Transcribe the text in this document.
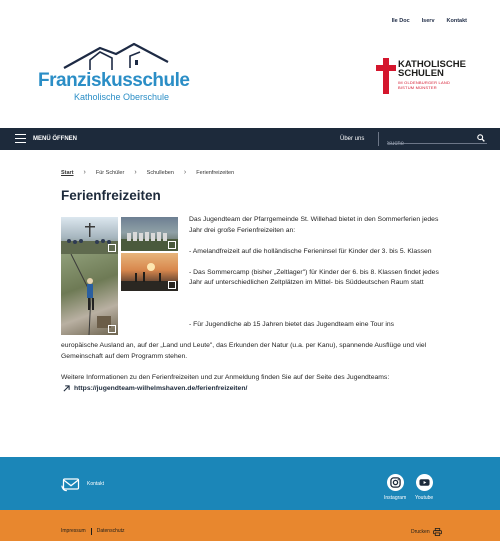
Ile Doc Iserv Kontakt
Franziskusschule
Katholische Oberschule
KATHOLISCHE
SCHULEN
IM OLDENBURGER LAND
BISTUM MÜNSTER
MENÜ ÖFFNEN	Über uns
Suche
Start › Für Schüler › Schulleben › Ferienfreizeiten
Ferienfreizeiten

Das Jugendteam der Pfarrgemeinde St. Willehad bietet in den Sommerferien jedes Jahr drei große Ferienfreizeiten an:

- Amelandfreizeit auf die holländische Ferieninsel für Kinder der 3. bis 5. Klassen

- Das Sommercamp (bisher „Zeltlager") für Kinder der 6. bis 8. Klassen findet jedes Jahr auf unterschiedlichen Zeltplätzen im Mittel- bis Süddeutschen Raum statt

- Für Jugendliche ab 15 Jahren bietet das Jugendteam eine Tour ins

europäische Ausland an, auf der „Land und Leute", das Erkunden der Natur (u.a. per Kanu), spannende Ausflüge und viel Gemeinschaft auf dem Programm stehen.

Weitere Informationen zu den Ferienfreizeiten und zur Anmeldung finden Sie auf der Seite des Jugendteams:

https://jugendteam-wilhelmshaven.de/ferienfreizeiten/
Kontakt
Instagram Youtube
Impressum Datenschutz	Drucken
